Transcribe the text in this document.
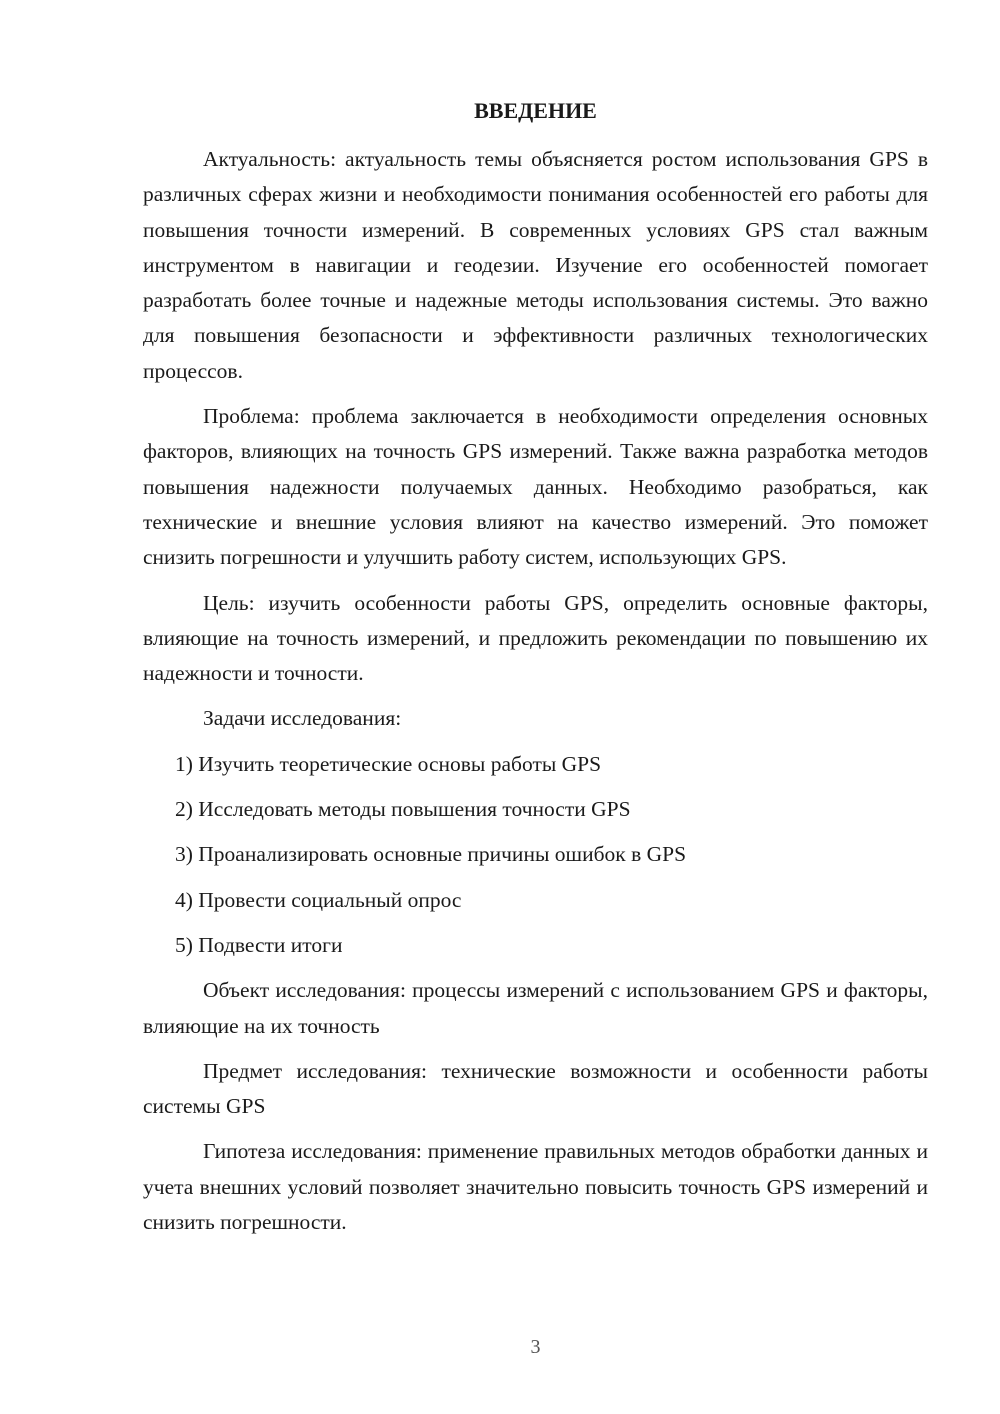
ВВЕДЕНИЕ

Актуальность: актуальность темы объясняется ростом использования GPS в различных сферах жизни и необходимости понимания особенностей его работы для повышения точности измерений. В современных условиях GPS стал важным инструментом в навигации и геодезии. Изучение его особенностей помогает разработать более точные и надежные методы использования системы. Это важно для повышения безопасности и эффективности различных технологических процессов.

Проблема: проблема заключается в необходимости определения основных факторов, влияющих на точность GPS измерений. Также важна разработка методов повышения надежности получаемых данных. Необходимо разобраться, как технические и внешние условия влияют на качество измерений. Это поможет снизить погрешности и улучшить работу систем, использующих GPS.

Цель: изучить особенности работы GPS, определить основные факторы, влияющие на точность измерений, и предложить рекомендации по повышению их надежности и точности.

Задачи исследования:

1) Изучить теоретические основы работы GPS
2) Исследовать методы повышения точности GPS
3) Проанализировать основные причины ошибок в GPS
4) Провести социальный опрос
5) Подвести итоги

Объект исследования: процессы измерений с использованием GPS и факторы, влияющие на их точность

Предмет исследования: технические возможности и особенности работы системы GPS

Гипотеза исследования: применение правильных методов обработки данных и учета внешних условий позволяет значительно повысить точность GPS измерений и снизить погрешности.

3
